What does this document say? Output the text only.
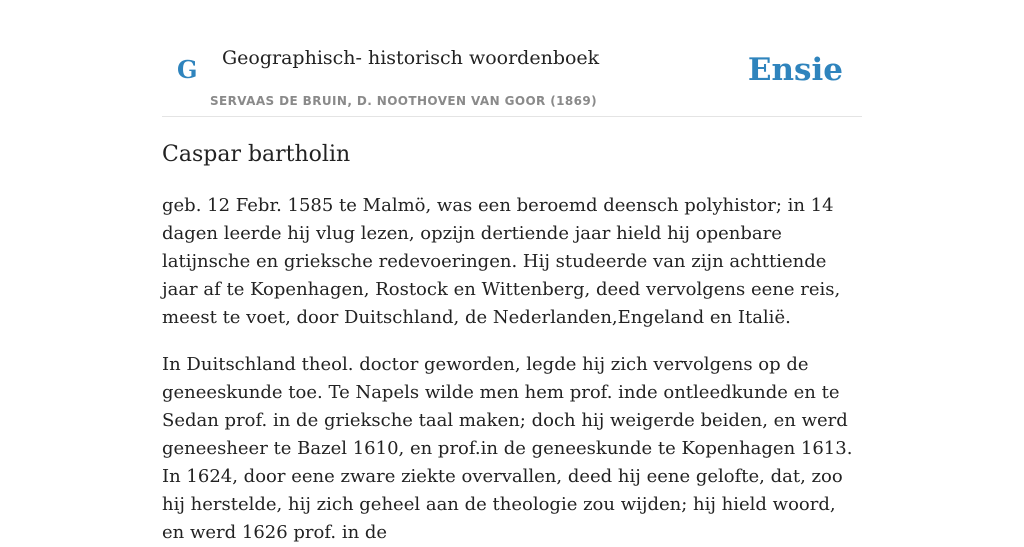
G Geographisch- historisch woordenboek
SERVAAS DE BRUIN, D. NOOTHOVEN VAN GOOR (1869)
Ensie
Caspar bartholin

geb. 12 Febr. 1585 te Malmö, was een beroemd deensch polyhistor; in 14 dagen leerde hij vlug lezen, opzijn dertiende jaar hield hij openbare latijnsche en grieksche redevoeringen. Hij studeerde van zijn achttiende jaar af te Kopenhagen, Rostock en Wittenberg, deed vervolgens eene reis, meest te voet, door Duitschland, de Nederlanden,Engeland en Italië.

In Duitschland theol. doctor geworden, legde hij zich vervolgens op de geneeskunde toe. Te Napels wilde men hem prof. inde ontleedkunde en te Sedan prof. in de grieksche taal maken; doch hij weigerde beiden, en werd geneesheer te Bazel 1610, en prof.in de geneeskunde te Kopenhagen 1613. In 1624, door eene zware ziekte overvallen, deed hij eene gelofte, dat, zoo hij herstelde, hij zich geheel aan de theologie zou wijden; hij hield woord, en werd 1626 prof. in de
